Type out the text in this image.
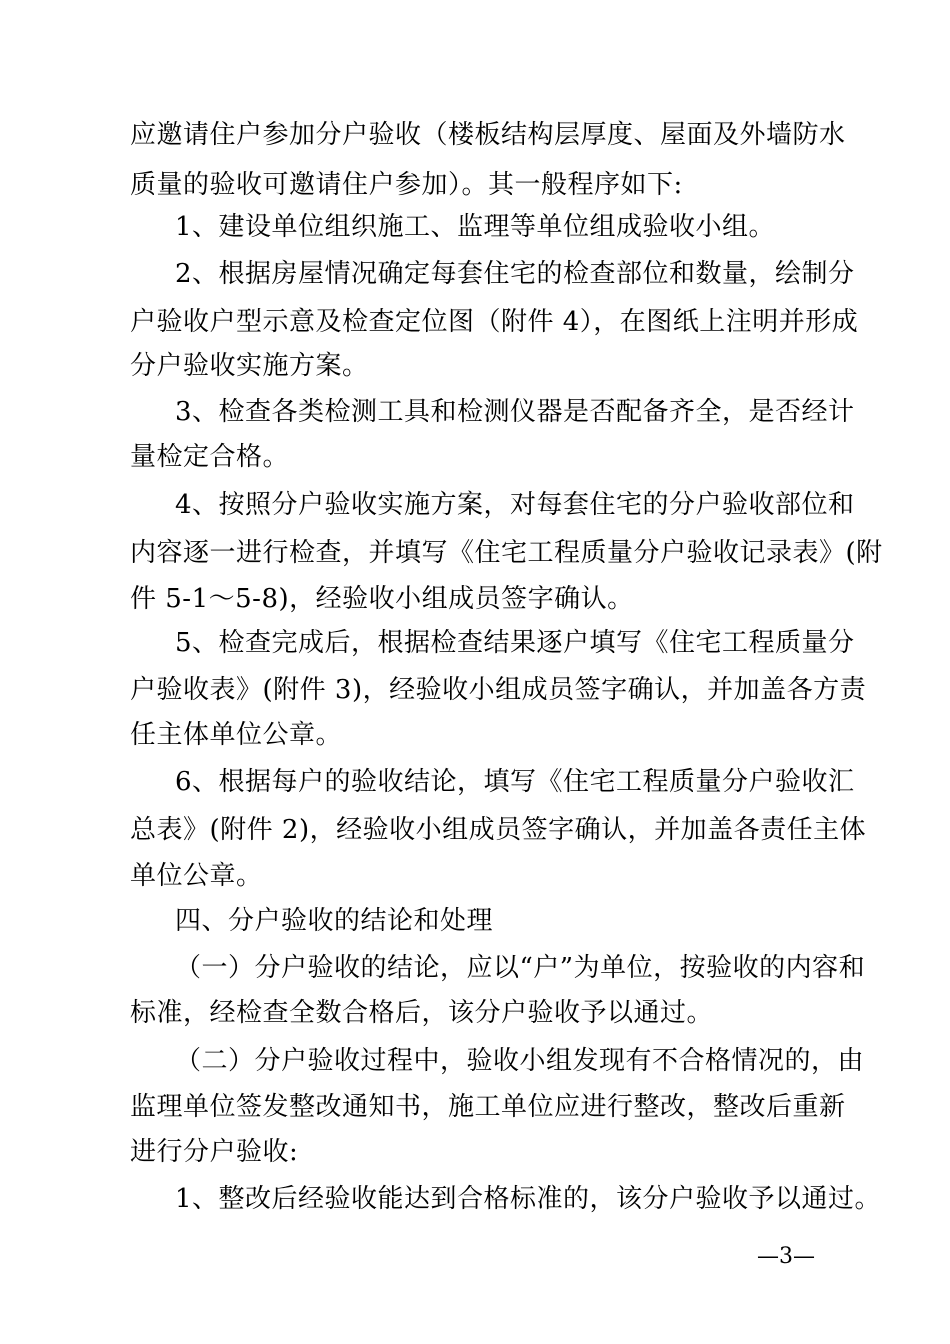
应邀请住户参加分户验收（楼板结构层厚度、屋面及外墙防水
质量的验收可邀请住户参加）。其一般程序如下:
1、建设单位组织施工、监理等单位组成验收小组。
2、根据房屋情况确定每套住宅的检查部位和数量，绘制分
户验收户型示意及检查定位图（附件 4），在图纸上注明并形成
分户验收实施方案。
3、检查各类检测工具和检测仪器是否配备齐全，是否经计
量检定合格。
4、按照分户验收实施方案，对每套住宅的分户验收部位和
内容逐一进行检查，并填写《住宅工程质量分户验收记录表》(附
件 5-1～5-8)，经验收小组成员签字确认。
5、检查完成后，根据检查结果逐户填写《住宅工程质量分
户验收表》(附件 3)，经验收小组成员签字确认，并加盖各方责
任主体单位公章。
6、根据每户的验收结论，填写《住宅工程质量分户验收汇
总表》(附件 2)，经验收小组成员签字确认，并加盖各责任主体
单位公章。
四、分户验收的结论和处理
（一）分户验收的结论，应以“户”为单位，按验收的内容和
标准，经检查全数合格后，该分户验收予以通过。
（二）分户验收过程中，验收小组发现有不合格情况的，由
监理单位签发整改通知书，施工单位应进行整改，整改后重新
进行分户验收:
1、整改后经验收能达到合格标准的，该分户验收予以通过。
—3—
